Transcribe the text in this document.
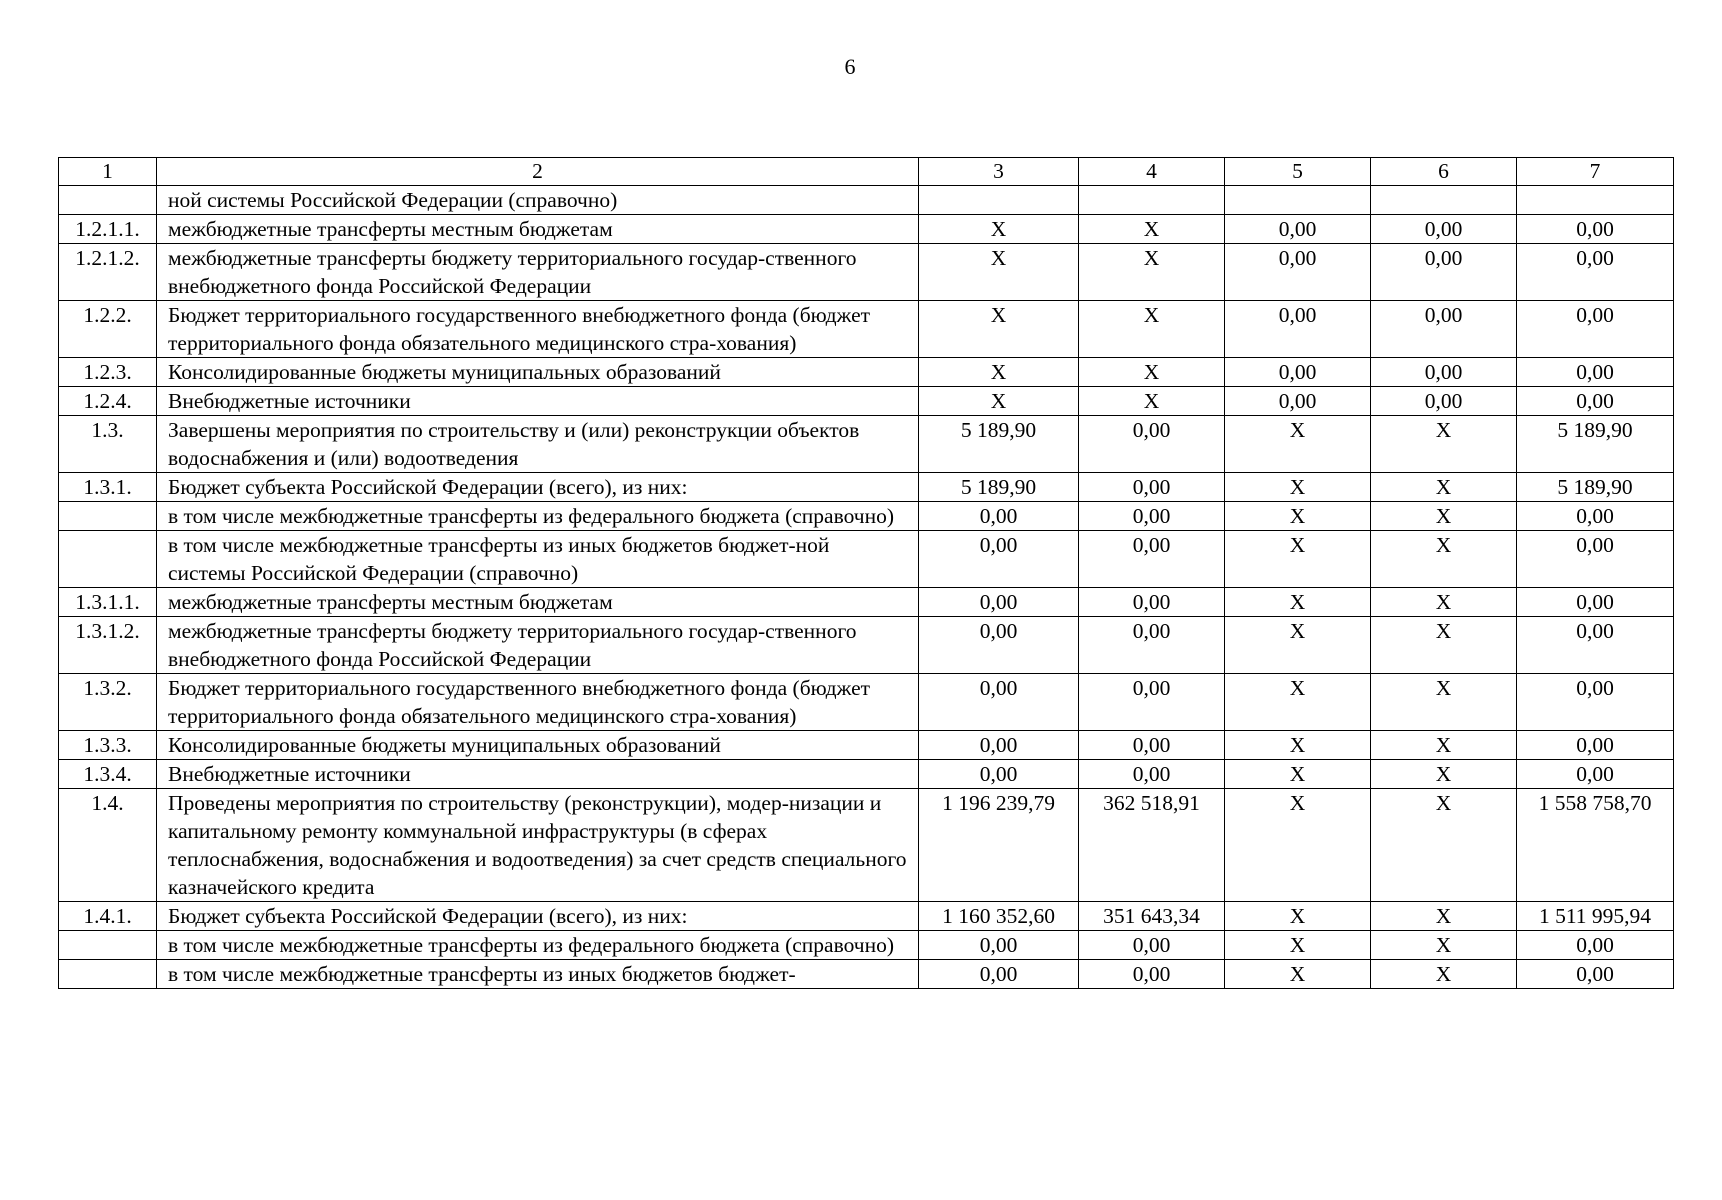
6
1	2	3	4	5	6	7
	ной системы Российской Федерации (справочно)					
1.2.1.1.	межбюджетные трансферты местным бюджетам	X	X	0,00	0,00	0,00
1.2.1.2.	межбюджетные трансферты бюджету территориального государ-ственного внебюджетного фонда Российской Федерации	X	X	0,00	0,00	0,00
1.2.2.	Бюджет территориального государственного внебюджетного фонда (бюджет территориального фонда обязательного медицинского стра-хования)	X	X	0,00	0,00	0,00
1.2.3.	Консолидированные бюджеты муниципальных образований	X	X	0,00	0,00	0,00
1.2.4.	Внебюджетные источники	X	X	0,00	0,00	0,00
1.3.	Завершены мероприятия по строительству и (или) реконструкции объектов водоснабжения и (или) водоотведения	5 189,90	0,00	X	X	5 189,90
1.3.1.	Бюджет субъекта Российской Федерации (всего), из них:	5 189,90	0,00	X	X	5 189,90
	в том числе межбюджетные трансферты из федерального бюджета (справочно)	0,00	0,00	X	X	0,00
	в том числе межбюджетные трансферты из иных бюджетов бюджет-ной системы Российской Федерации (справочно)	0,00	0,00	X	X	0,00
1.3.1.1.	межбюджетные трансферты местным бюджетам	0,00	0,00	X	X	0,00
1.3.1.2.	межбюджетные трансферты бюджету территориального государ-ственного внебюджетного фонда Российской Федерации	0,00	0,00	X	X	0,00
1.3.2.	Бюджет территориального государственного внебюджетного фонда (бюджет территориального фонда обязательного медицинского стра-хования)	0,00	0,00	X	X	0,00
1.3.3.	Консолидированные бюджеты муниципальных образований	0,00	0,00	X	X	0,00
1.3.4.	Внебюджетные источники	0,00	0,00	X	X	0,00
1.4.	Проведены мероприятия по строительству (реконструкции), модер-низации и капитальному ремонту коммунальной инфраструктуры (в сферах теплоснабжения, водоснабжения и водоотведения) за счет средств специального казначейского кредита	1 196 239,79	362 518,91	X	X	1 558 758,70
1.4.1.	Бюджет субъекта Российской Федерации (всего), из них:	1 160 352,60	351 643,34	X	X	1 511 995,94
	в том числе межбюджетные трансферты из федерального бюджета (справочно)	0,00	0,00	X	X	0,00
	в том числе межбюджетные трансферты из иных бюджетов бюджет-	0,00	0,00	X	X	0,00
